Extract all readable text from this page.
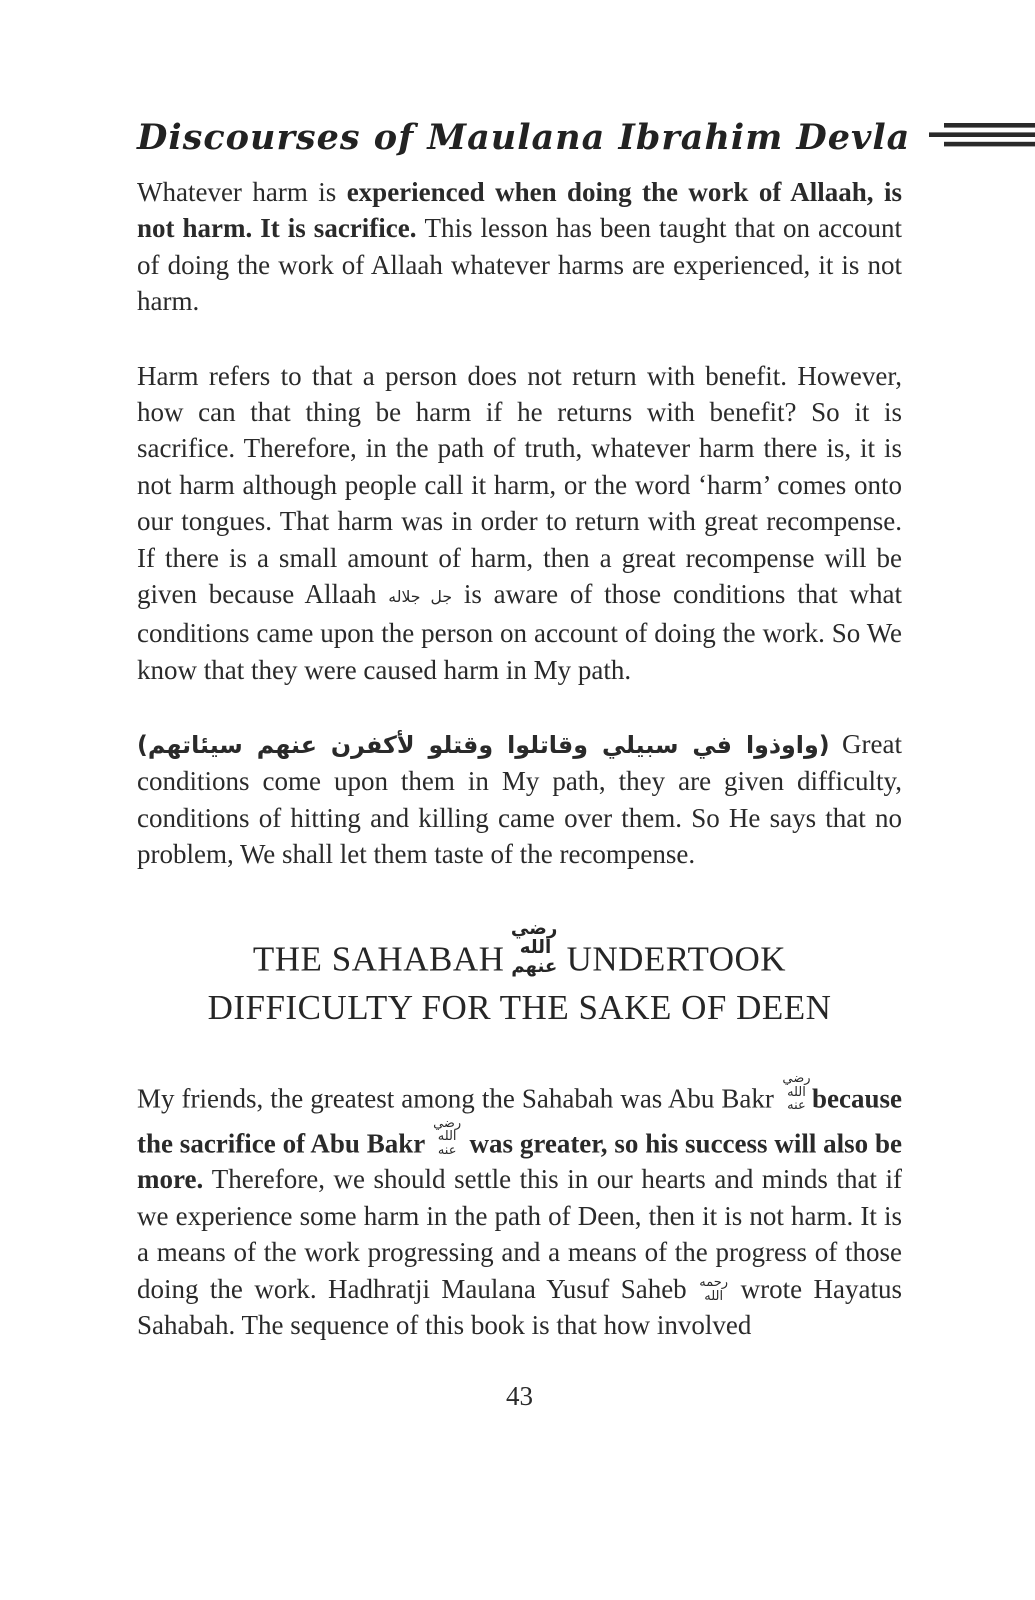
Discourses of Maulana Ibrahim Devla

Whatever harm is experienced when doing the work of Allaah, is not harm. It is sacrifice. This lesson has been taught that on account of doing the work of Allaah whatever harms are experienced, it is not harm.

Harm refers to that a person does not return with benefit. However, how can that thing be harm if he returns with benefit? So it is sacrifice. Therefore, in the path of truth, whatever harm there is, it is not harm although people call it harm, or the word ‘harm’ comes onto our tongues. That harm was in order to return with great recompense. If there is a small amount of harm, then a great recompense will be given because Allaah جل جلاله is aware of those conditions that what conditions came upon the person on account of doing the work. So We know that they were caused harm in My path.

(واوذوا في سبيلي وقاتلوا وقتلو لأكفرن عنهم سيئاتهم) Great conditions come upon them in My path, they are given difficulty, conditions of hitting and killing came over them. So He says that no problem, We shall let them taste of the recompense.

THE SAHABAH رضي الله عنهم UNDERTOOK DIFFICULTY FOR THE SAKE OF DEEN

My friends, the greatest among the Sahabah was Abu Bakr رضي الله عنه because the sacrifice of Abu Bakr رضي الله عنه was greater, so his success will also be more. Therefore, we should settle this in our hearts and minds that if we experience some harm in the path of Deen, then it is not harm. It is a means of the work progressing and a means of the progress of those doing the work. Hadhratji Maulana Yusuf Saheb رحمه الله wrote Hayatus Sahabah. The sequence of this book is that how involved

43
